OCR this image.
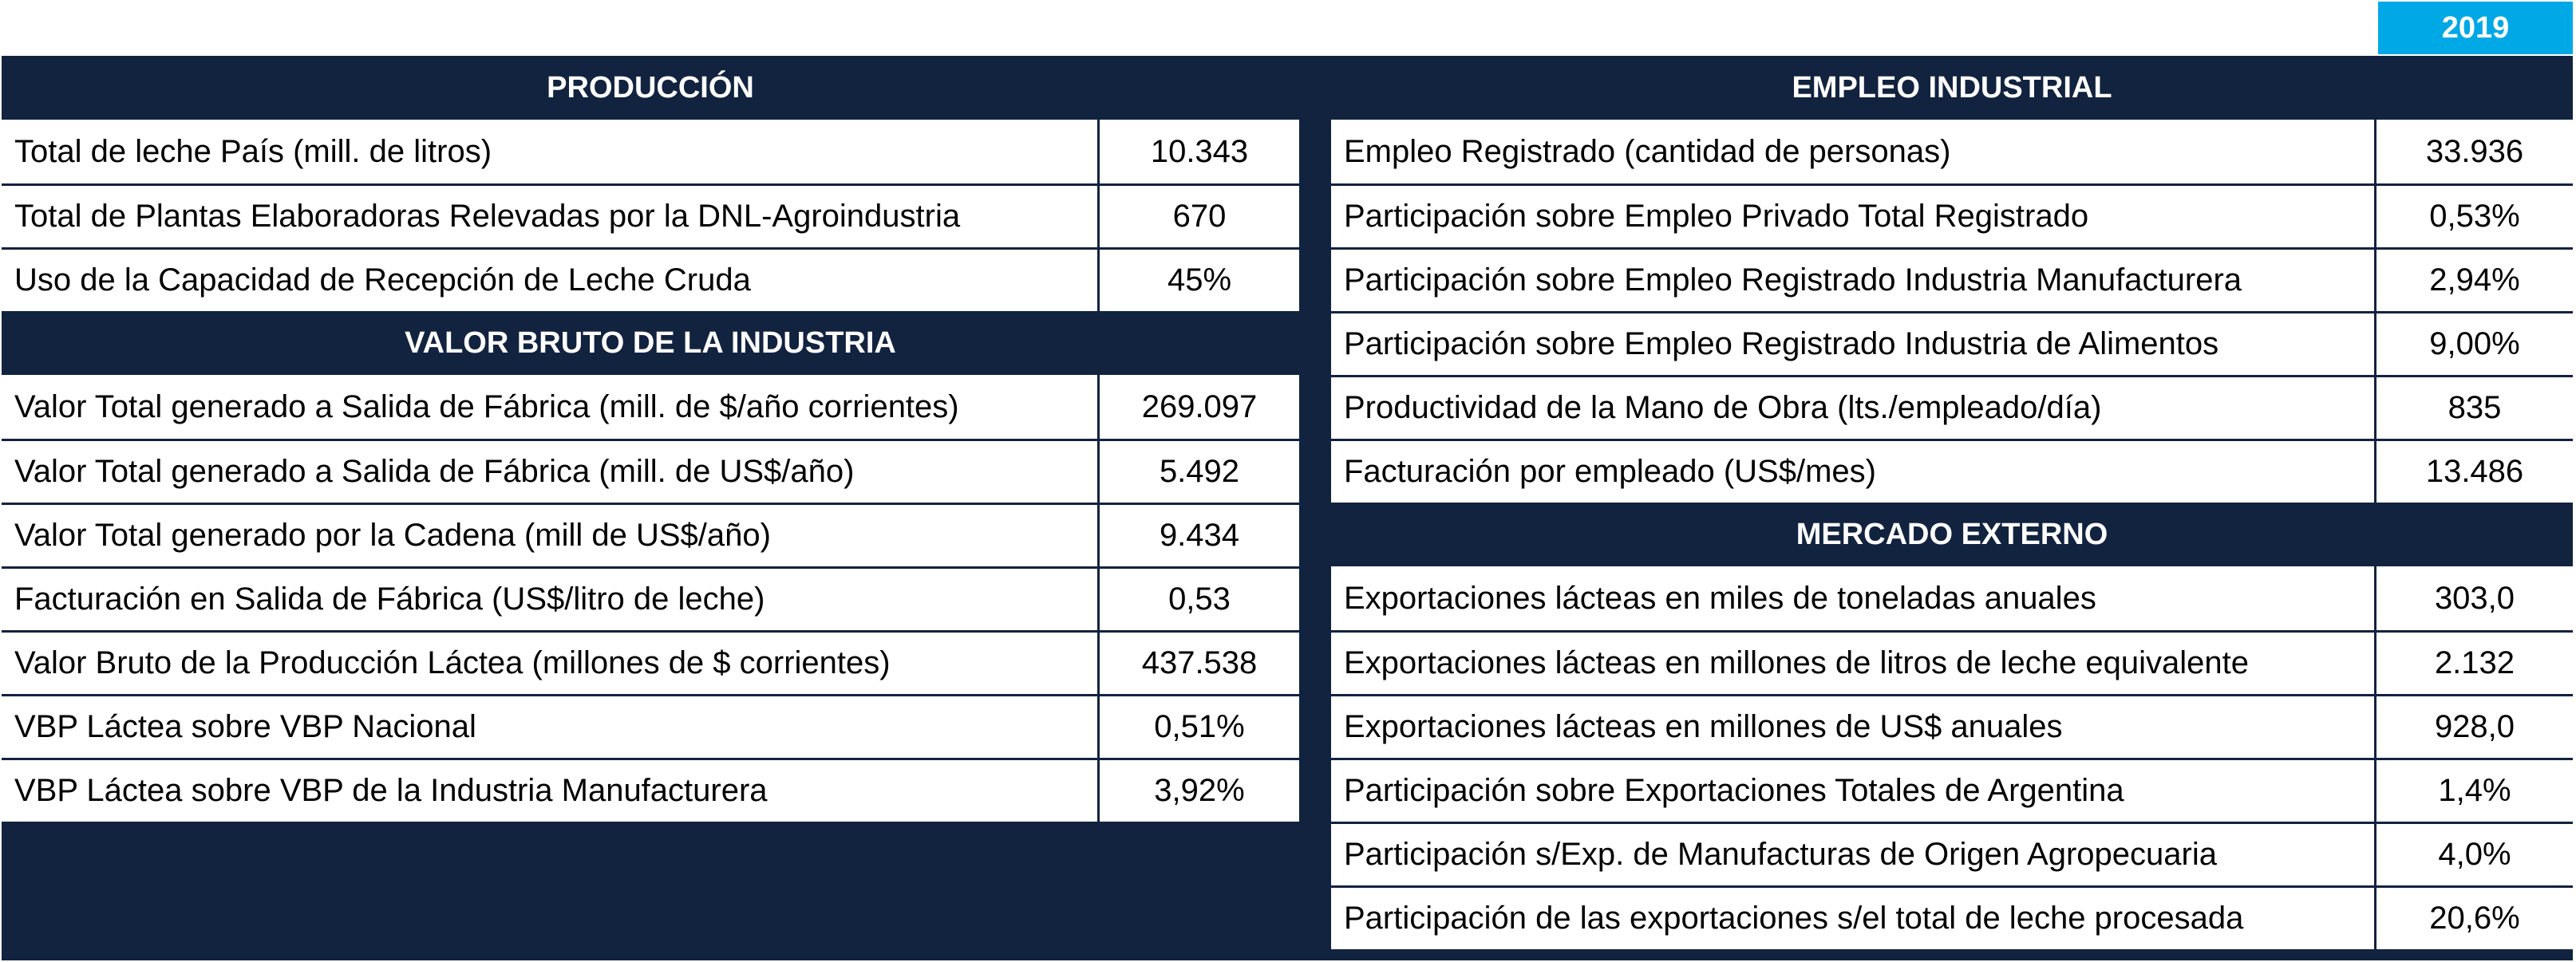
2019
PRODUCCIÓN
Total de leche País (mill. de litros)	10.343
Total de Plantas Elaboradoras Relevadas por la DNL-Agroindustria	670
Uso de la Capacidad de Recepción de Leche Cruda	45%
VALOR BRUTO DE LA INDUSTRIA
Valor Total generado a Salida de Fábrica (mill. de $/año corrientes)	269.097
Valor Total generado a Salida de Fábrica (mill. de US$/año)	5.492
Valor Total generado por la Cadena (mill de US$/año)	9.434
Facturación en Salida de Fábrica (US$/litro de leche)	0,53
Valor Bruto de la Producción Láctea (millones de $ corrientes)	437.538
VBP Láctea sobre VBP Nacional	0,51%
VBP Láctea sobre VBP de la Industria Manufacturera	3,92%
EMPLEO INDUSTRIAL
Empleo Registrado (cantidad de personas)	33.936
Participación sobre Empleo Privado Total Registrado	0,53%
Participación sobre Empleo Registrado Industria Manufacturera	2,94%
Participación sobre Empleo Registrado Industria de Alimentos	9,00%
Productividad de la Mano de Obra (lts./empleado/día)	835
Facturación por empleado (US$/mes)	13.486
MERCADO EXTERNO
Exportaciones lácteas en miles de toneladas anuales	303,0
Exportaciones lácteas en millones de litros de leche equivalente	2.132
Exportaciones lácteas en millones de US$ anuales	928,0
Participación sobre Exportaciones Totales de Argentina	1,4%
Participación s/Exp. de Manufacturas de Origen Agropecuaria	4,0%
Participación de las exportaciones s/el total de leche procesada	20,6%
